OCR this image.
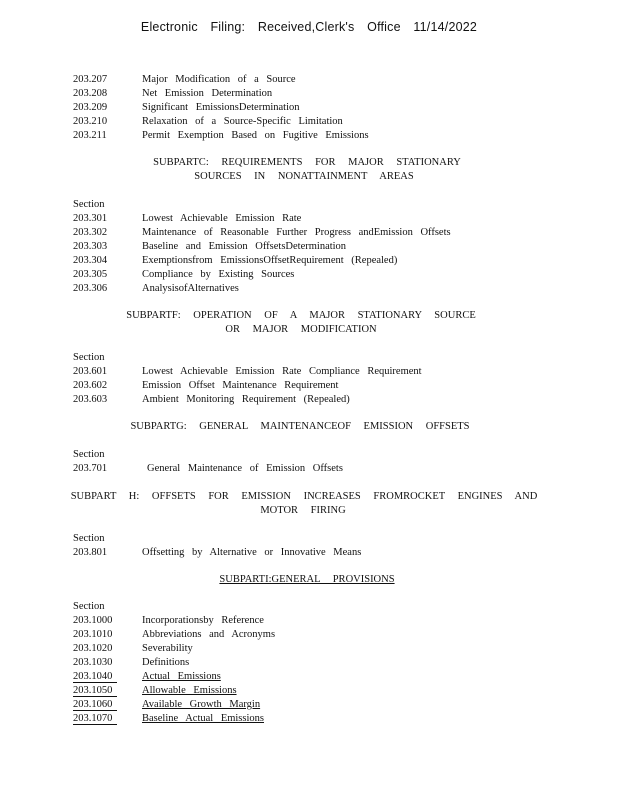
Electronic Filing: Received,Clerk's Office 11/14/2022
203.207	Major Modification of a Source
203.208	Net Emission Determination
203.209	Significant EmissionsDetermination
203.210	Relaxation of a Source-Specific Limitation
203.211	Permit Exemption Based on Fugitive Emissions
SUBPARTC: REQUIREMENTS FOR MAJOR STATIONARY
SOURCES IN NONATTAINMENT AREAS
Section
203.301	Lowest Achievable Emission Rate
203.302	Maintenance of Reasonable Further Progress andEmission Offsets
203.303	Baseline and Emission OffsetsDetermination
203.304	Exemptionsfrom EmissionsOffsetRequirement (Repealed)
203.305	Compliance by Existing Sources
203.306	AnalysisofAlternatives
SUBPARTF: OPERATION OF A MAJOR STATIONARY SOURCE
OR MAJOR MODIFICATION
Section
203.601	Lowest Achievable Emission Rate Compliance Requirement
203.602	Emission Offset Maintenance Requirement
203.603	Ambient Monitoring Requirement (Repealed)
SUBPARTG: GENERAL MAINTENANCEOF EMISSION OFFSETS
Section
203.701	General Maintenance of Emission Offsets
SUBPART H: OFFSETS FOR EMISSION INCREASES FROMROCKET ENGINES AND
MOTOR FIRING
Section
203.801	Offsetting by Alternative or Innovative Means
SUBPARTI:GENERAL PROVISIONS
Section
203.1000	Incorporationsby Reference
203.1010	Abbreviations and Acronyms
203.1020	Severability
203.1030	Definitions
203.1040	Actual Emissions
203.1050	Allowable Emissions
203.1060	Available Growth Margin
203.1070	Baseline Actual Emissions
